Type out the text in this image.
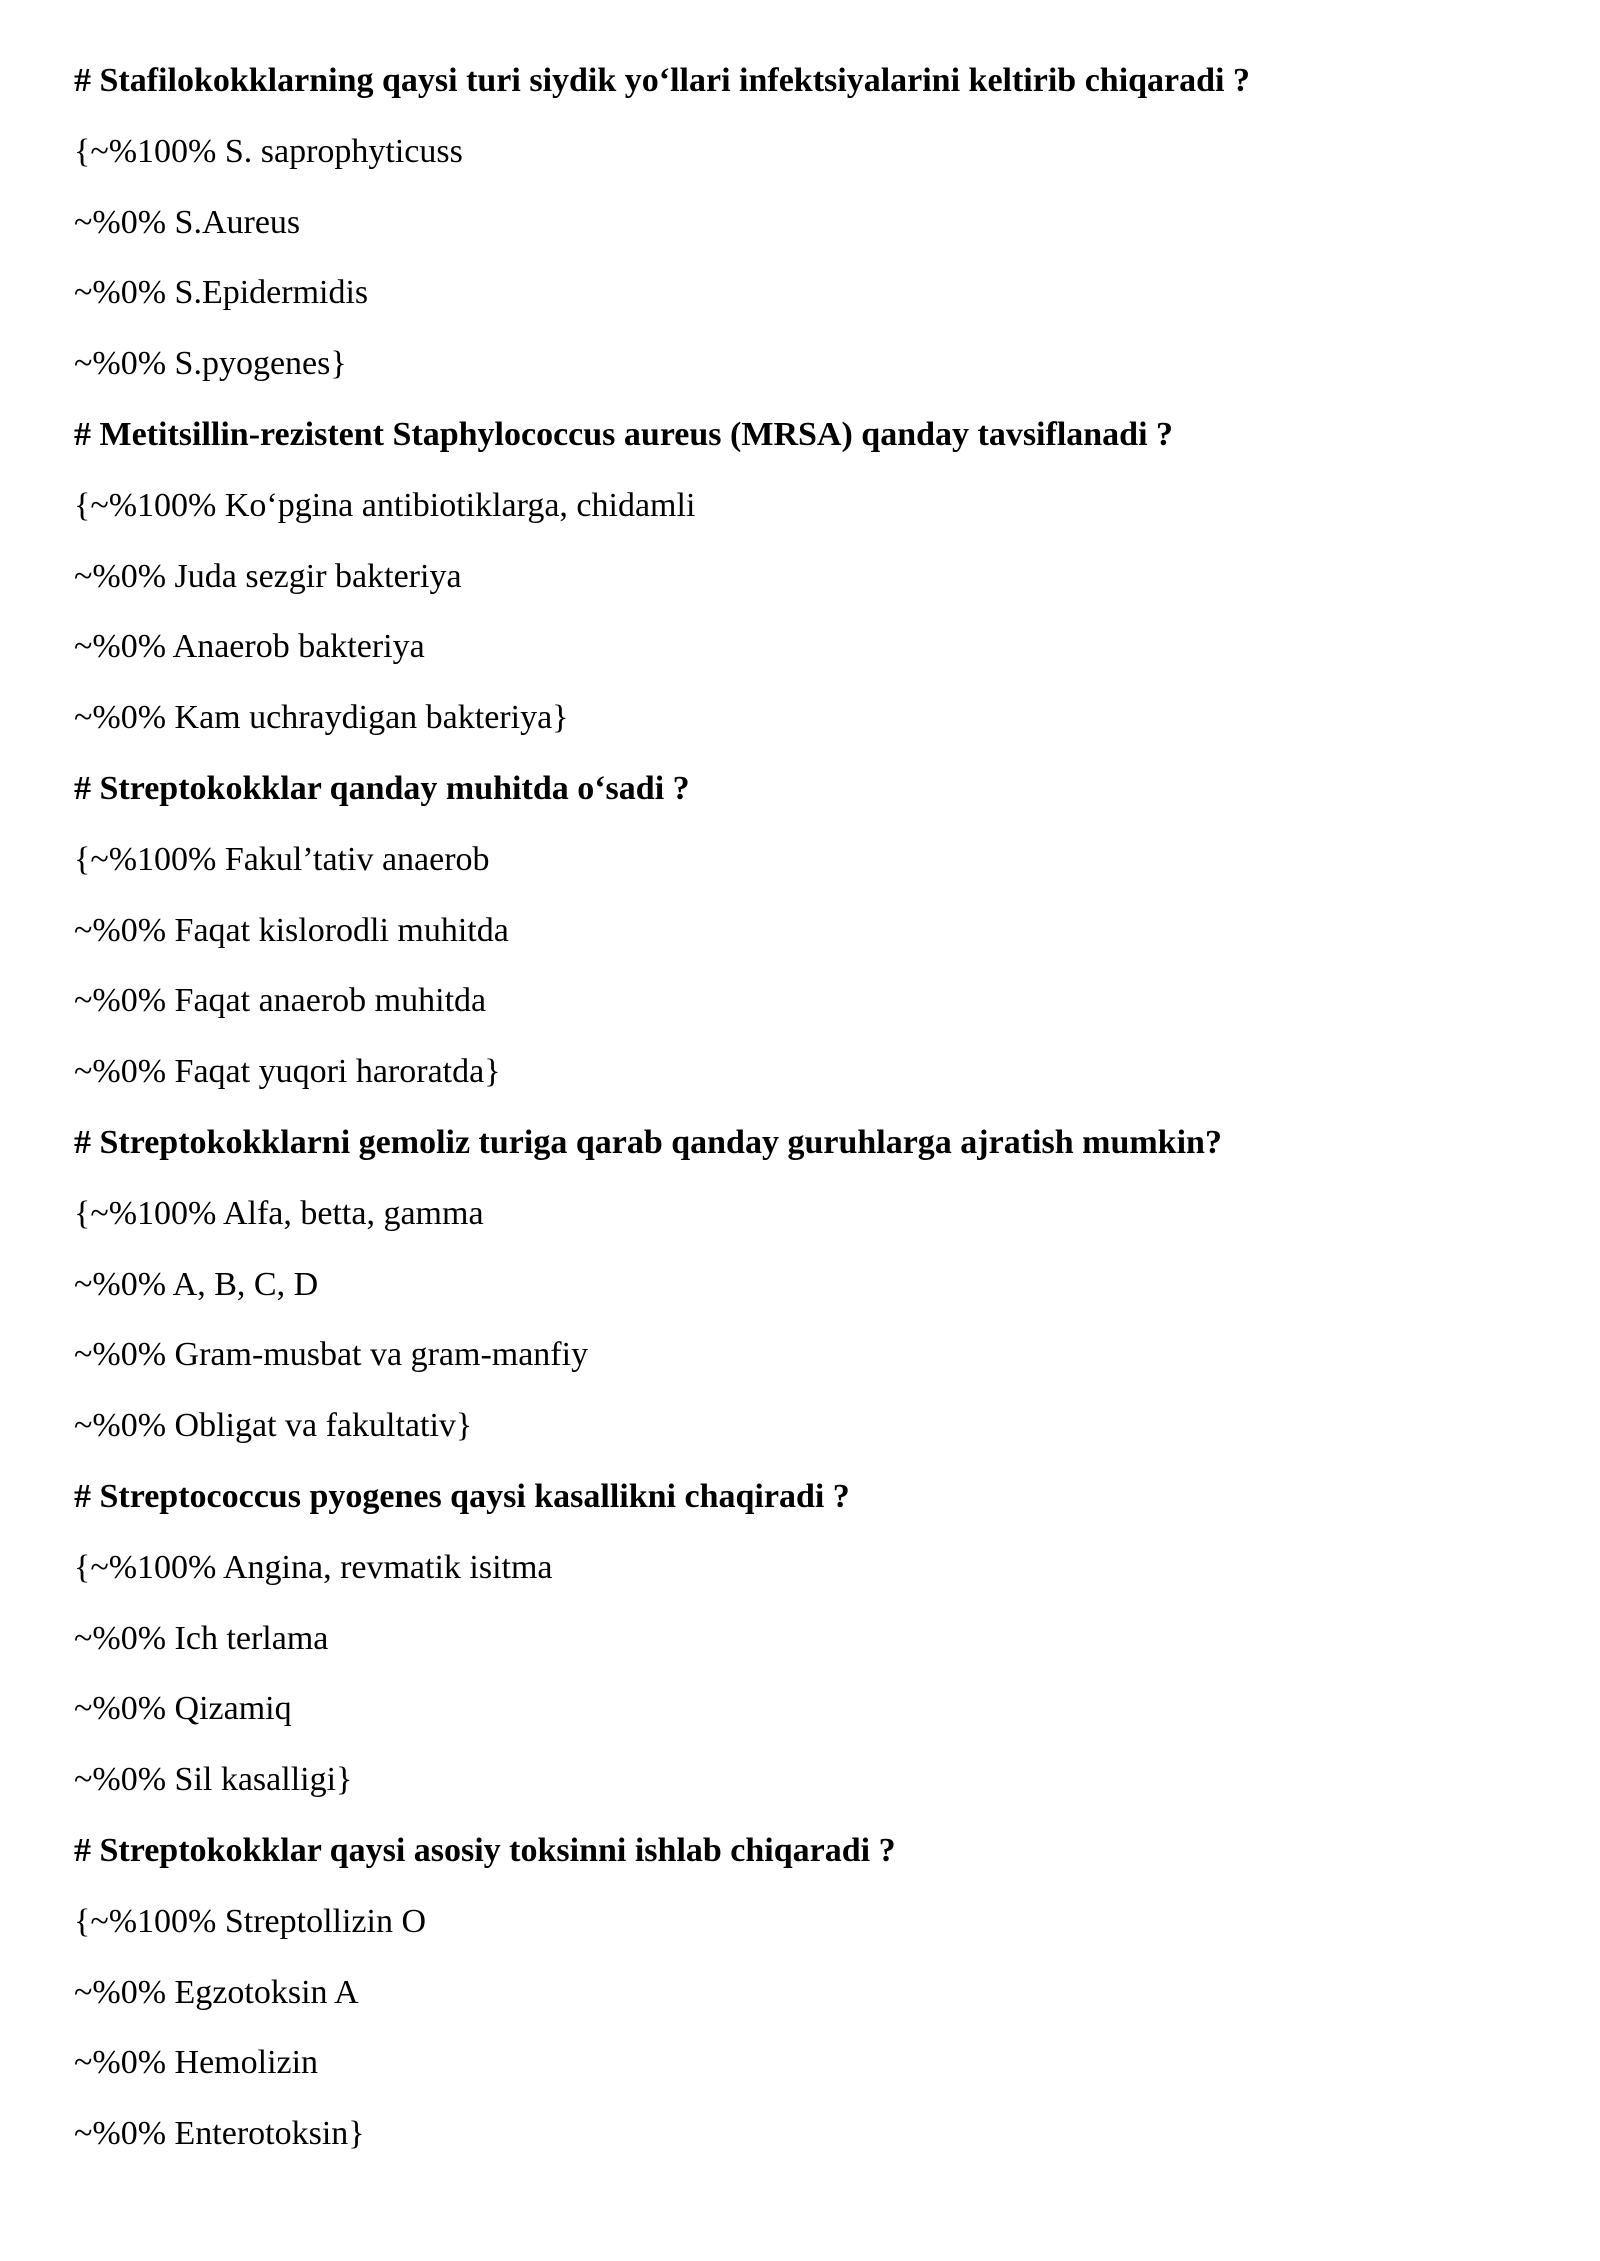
# Stafilokokklarning qaysi turi siydik yo‘llari infektsiyalarini keltirib chiqaradi ?
{~%100% S. saprophyticuss
~%0% S.Aureus
~%0% S.Epidermidis
~%0% S.pyogenes}
# Metitsillin-rezistent Staphylococcus aureus (MRSA) qanday tavsiflanadi ?
{~%100% Ko‘pgina antibiotiklarga, chidamli
~%0% Juda sezgir bakteriya
~%0% Anaerob bakteriya
~%0% Kam uchraydigan bakteriya}
# Streptokokklar qanday muhitda o‘sadi ?
{~%100% Fakul’tativ anaerob
~%0% Faqat kislorodli muhitda
~%0% Faqat anaerob muhitda
~%0% Faqat yuqori haroratda}
# Streptokokklarni gemoliz turiga qarab qanday guruhlarga ajratish mumkin?
{~%100% Alfa, betta, gamma
~%0% A, B, C, D
~%0% Gram-musbat va gram-manfiy
~%0% Obligat va fakultativ}
# Streptococcus pyogenes qaysi kasallikni chaqiradi ?
{~%100% Angina, revmatik isitma
~%0% Ich terlama
~%0% Qizamiq
~%0% Sil kasalligi}
# Streptokokklar qaysi asosiy toksinni ishlab chiqaradi ?
{~%100% Streptollizin O
~%0% Egzotoksin A
~%0% Hemolizin
~%0% Enterotoksin}
